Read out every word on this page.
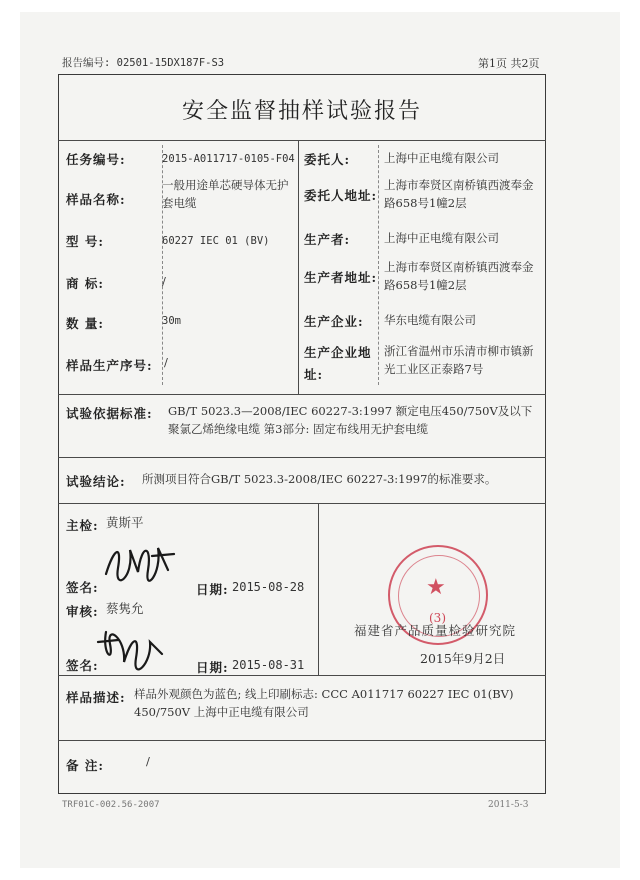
报告编号: 02501-15DX187F-S3	第1页 共2页
安全监督抽样试验报告
任务编号:	2015-A011717-0105-F04
样品名称:
一般用途单芯硬导体无护套电缆
型 号:	60227 IEC 01 (BV)
商 标:	/
数 量:	30m
样品生产序号: /
委托人:	上海中正电缆有限公司
委托人地址:
上海市奉贤区南桥镇西渡奉金路658号1幢2层
生产者:	上海中正电缆有限公司
生产者地址:
上海市奉贤区南桥镇西渡奉金路658号1幢2层
生产企业: 华东电缆有限公司
生产企业地址:
浙江省温州市乐清市柳市镇新光工业区正泰路7号
试验依据标准: GB/T 5023.3—2008/IEC 60227-3:1997 额定电压450/750V及以下聚氯乙烯绝缘电缆 第3部分: 固定布线用无护套电缆
试验结论: 所测项目符合GB/T 5023.3-2008/IEC 60227-3:1997的标准要求。
主检: 黄斯平
签名:	日期: 2015-08-28
审核: 蔡隽允
签名:	日期: 2015-08-31
★
(3)
福建省产品质量检验研究院
2015年9月2日
样品描述: 样品外观颜色为蓝色; 线上印刷标志: CCC A011717 60227 IEC 01(BV) 450/750V 上海中正电缆有限公司
备 注:	/
TRF01C-002.56-2007	2011-5-3
